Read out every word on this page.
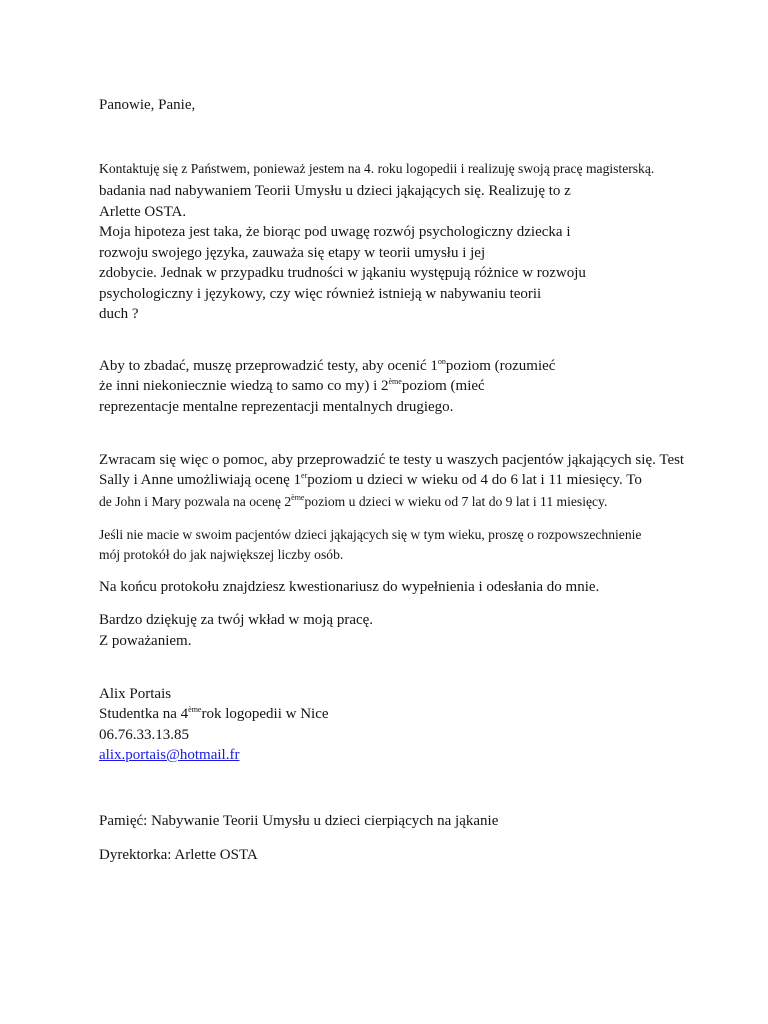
Panowie, Panie,
Kontaktuję się z Państwem, ponieważ jestem na 4. roku logopedii i realizuję swoją pracę magisterską.
badania nad nabywaniem Teorii Umysłu u dzieci jąkających się. Realizuję to z
Arlette OSTA.
Moja hipoteza jest taka, że biorąc pod uwagę rozwój psychologiczny dziecka i
rozwoju swojego języka, zauważa się etapy w teorii umysłu i jej
zdobycie. Jednak w przypadku trudności w jąkaniu występują różnice w rozwoju
psychologiczny i językowy, czy więc również istnieją w nabywaniu teorii
duch ?
Aby to zbadać, muszę przeprowadzić testy, aby ocenić $1^{on}poziom$ (rozumieć
że inni niekoniecznie wiedzą to samo co my) i 2èmepoziom (mieć
reprezentacje mentalne reprezentacji mentalnych drugiego.
Zwracam się więc o pomoc, aby przeprowadzić te testy u waszych pacjentów jąkających się. Test
Sally i Anne umożliwiają ocenę 1erpoziom u dzieci w wieku od 4 do 6 lat i 11 miesięcy. To
de John i Mary pozwala na ocenę 2èmepoziom u dzieci w wieku od 7 lat do 9 lat i 11 miesięcy.
Jeśli nie macie w swoim pacjentów dzieci jąkających się w tym wieku, proszę o rozpowszechnienie
mój protokół do jak największej liczby osób.
Na końcu protokołu znajdziesz kwestionariusz do wypełnienia i odesłania do mnie.
Bardzo dziękuję za twój wkład w moją pracę.
Z poważaniem.
Alix Portais
Studentka na 4èmerok logopedii w Nice
06.76.33.13.85
alix.portais@hotmail.fr
Pamięć: Nabywanie Teorii Umysłu u dzieci cierpiących na jąkanie
Dyrektorka: Arlette OSTA
